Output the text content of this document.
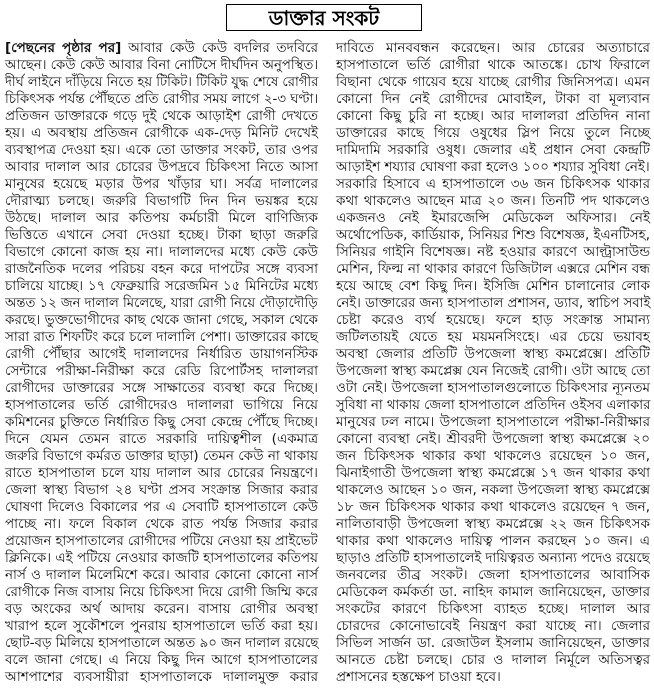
ডাক্তার সংকট
[পেছনের পৃষ্ঠার পর] আবার কেউ কেউ বদলির তদবিরে
আছেন। কেউ কেউ আবার বিনা নোটিসে দীর্ঘদিন অনুপস্থিত।
দীর্ঘ লাইনে দাঁড়িয়ে নিতে হয় টিকিট। টিকিট যুদ্ধ শেষে রোগীর
চিকিৎসক পর্যন্ত পৌঁছতে প্রতি রোগীর সময় লাগে ২-৩ ঘণ্টা।
প্রতিজন ডাক্তারকে গড়ে দুই থেকে আড়াইশ রোগী দেখতে
হয়। এ অবস্থায় প্রতিজন রোগীকে এক-দেড় মিনিট দেখেই
ব্যবস্থাপত্র দেওয়া হয়। একে তো ডাক্তার সংকট, তার ওপর
আবার দালাল আর চোরের উপদ্রবে চিকিৎসা নিতে আসা
মানুষের হয়েছে মড়ার উপর খাঁড়ার ঘা। সর্বত্র দালালের
দৌরাত্ম্য চলছে। জরুরি বিভাগটি দিন দিন ভয়ঙ্কর হয়ে
উঠছে। দালাল আর কতিপয় কর্মচারী মিলে বাণিজ্যিক
ভিত্তিতে এখানে সেবা দেওয়া হচ্ছে। টাকা ছাড়া জরুরি
বিভাগে কোনো কাজ হয় না। দালালদের মধ্যে কেউ কেউ
রাজনৈতিক দলের পরিচয় বহন করে দাপটের সঙ্গে ব্যবসা
চালিয়ে যাচ্ছে। ১৭ ফেব্রুয়ারি সরেজমিন ১৫ মিনিটের মধ্যে
অন্তত ১২ জন দালাল মিলেছে, যারা রোগী নিয়ে দৌড়াদৌড়ি
করছে। ভুক্তভোগীদের কাছ থেকে জানা গেছে, সকাল থেকে
সারা রাত শিফটিং করে চলে দালালি পেশা। ডাক্তারের কাছে
রোগী পৌঁছার আগেই দালালদের নির্ধারিত ডায়াগনস্টিক
সেন্টারে পরীক্ষা-নিরীক্ষা করে রেডি রিপোর্টসহ দালালরা
রোগীদের ডাক্তারের সঙ্গে সাক্ষাতের ব্যবস্থা করে দিচ্ছে।
হাসপাতালের ভর্তি রোগীদেরও দালালরা ভাগিয়ে নিয়ে
কমিশনের চুক্তিতে নির্ধারিত কিছু সেবা কেন্দ্রে পৌঁছে দিচ্ছে।
দিনে যেমন তেমন রাতে সরকারি দায়িত্বশীল (একমাত্র
জরুরি বিভাগে কর্মরত ডাক্তার ছাড়া) তেমন কেউ না থাকায়
রাতে হাসপাতাল চলে যায় দালাল আর চোরের নিয়ন্ত্রণে।
জেলা স্বাস্থ্য বিভাগ ২৪ ঘণ্টা প্রসব সংক্রান্ত সিজার করার
ঘোষণা দিলেও বিকালের পর এ সেবাটি হাসপাতালে কেউ
পাচ্ছে না। ফলে বিকাল থেকে রাত পর্যন্ত সিজার করার
প্রয়োজন হাসপাতালের রোগীদের পটিয়ে নেওয়া হয় প্রাইভেট
ক্লিনিকে। এই পটিয়ে নেওয়ার কাজটি হাসপাতালের কতিপয়
নার্স ও দালাল মিলেমিশে করে। আবার কোনো কোনো নার্স
রোগীকে নিজ বাসায় নিয়ে চিকিৎসা দিয়ে রোগী জিম্মি করে
বড় অংকের অর্থ আদায় করেন। বাসায় রোগীর অবস্থা
খারাপ হলে সুকৌশলে পুনরায় হাসপাতালে ভর্তি করা হয়।
ছোট-বড় মিলিয়ে হাসপাতালে অন্তত ৯০ জন দালাল রয়েছে
বলে জানা গেছে। এ নিয়ে কিছু দিন আগে হাসপাতালের
আশপাশের ব্যবসায়ীরা হাসপাতালকে দালালমুক্ত করার
দাবিতে মানববন্ধন করেছেন। আর চোরের অত্যাচারে
হাসপাতালে ভর্তি রোগীরা থাকে আতঙ্কে। চোখ ফিরালে
বিছানা থেকে গায়েব হয়ে যাচ্ছে রোগীর জিনিসপত্র। এমন
কোনো দিন নেই রোগীদের মোবাইল, টাকা বা মূল্যবান
কোনো কিছু চুরি না হচ্ছে। আর দালালরা প্রতিদিন নানা
ডাক্তারের কাছে গিয়ে ওষুধের স্লিপ নিয়ে তুলে নিচ্ছে
দামিদামি সরকারি ওষুধ। জেলার এই প্রধান সেবা কেন্দ্রটি
আড়াইশ শয্যার ঘোষণা করা হলেও ১০০ শয্যার সুবিধা নেই।
সরকারি হিসাবে এ হাসপাতালে ৩৬ জন চিকিৎসক থাকার
কথা থাকলেও আছেন মাত্র ২০ জন। তিনটি পদ থাকলেও
একজনও নেই ইমারজেন্সি মেডিকেল অফিসার। নেই
অর্থোপেডিক, কার্ডিয়াক, সিনিয়র শিশু বিশেষজ্ঞ, ইএনটিসহ,
সিনিয়র গাইনি বিশেষজ্ঞ। নষ্ট হওয়ার কারণে আল্ট্রাসাউন্ড
মেশিন, ফিল্ম না থাকার কারণে ডিজিটাল এক্সরে মেশিন বন্ধ
হয়ে আছে বেশ কিছু দিন। ইসিজি মেশিন চালানোর লোক
নেই। ডাক্তারের জন্য হাসপাতাল প্রশাসন, ড্যাব, স্বাচিপ সবাই
চেষ্টা করেও ব্যর্থ হয়েছে। ফলে হাড় সংক্রান্ত সামান্য
জটিলতায়ই যেতে হয় ময়মনসিংহে। এর চেয়ে ভয়াবহ
অবস্থা জেলার প্রতিটি উপজেলা স্বাস্থ্য কমপ্লেক্সে। প্রতিটি
উপজেলা স্বাস্থ্য কমপ্লেক্স যেন নিজেই রোগী। ওটা আছে তো
ওটা নেই। উপজেলা হাসপাতালগুলোতে চিকিৎসার ন্যূনতম
সুবিধা না থাকায় জেলা হাসপাতালে প্রতিদিন ওইসব এলাকার
মানুষের ঢল নামে। উপজেলা হাসপাতালে পরীক্ষা-নিরীক্ষার
কোনো ব্যবস্থা নেই। শ্রীবরদী উপজেলা স্বাস্থ্য কমপ্লেক্সে ২০
জন চিকিৎসক থাকার কথা থাকলেও রয়েছেন ১০ জন,
ঝিনাইগাতী উপজেলা স্বাস্থ্য কমপ্লেক্সে ১৭ জন থাকার কথা
থাকলেও আছেন ১০ জন, নকলা উপজেলা স্বাস্থ্য কমপ্লেক্সে
১৮ জন চিকিৎসক থাকার কথা থাকলেও রয়েছেন ৭ জন,
নালিতাবাড়ী উপজেলা স্বাস্থ্য কমপ্লেক্সে ২২ জন চিকিৎসক
থাকার কথা থাকলেও দায়িত্ব পালন করছেন ১০ জন। এ
ছাড়াও প্রতিটি হাসপাতালেই দায়িত্বরত অন্যান্য পদেও রয়েছে
জনবলের তীব্র সংকট। জেলা হাসপাতালের আবাসিক
মেডিকেল কর্মকর্তা ডা. নাহিদ কামাল জানিয়েছেন, ডাক্তার
সংকটের কারণে চিকিৎসা ব্যাহত হচ্ছে। দালাল আর
চোরদের কোনোভাবেই নিয়ন্ত্রণ করা যাচ্ছে না। জেলার
সিভিল সার্জন ডা. রেজাউল ইসলাম জানিয়েছেন, ডাক্তার
আনতে চেষ্টা চলছে। চোর ও দালাল নির্মূলে অতিসত্বর
প্রশাসনের হস্তক্ষেপ চাওয়া হবে।
